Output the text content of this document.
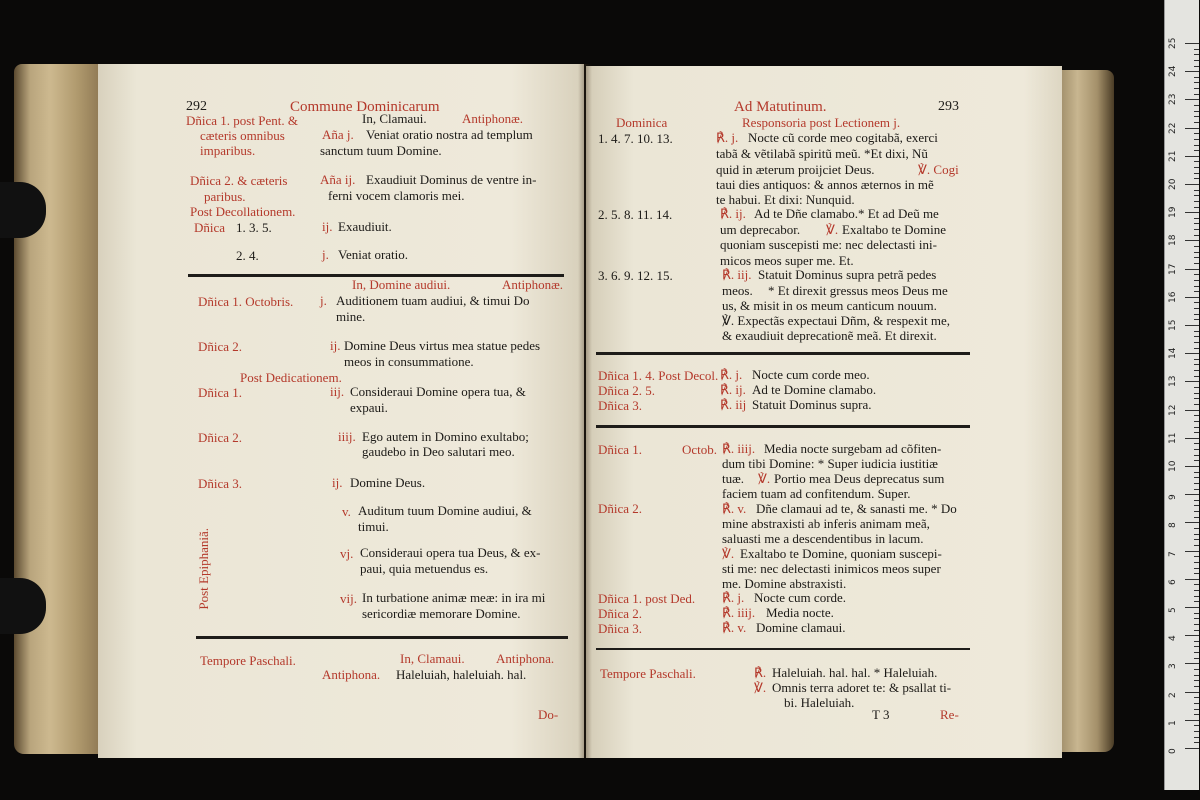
0
1
2
3
4
5
6
7
8
9
10
11
12
13
14
15
16
17
18
19
20
21
22
23
24
25
292	Commune Dominicarum	Ad Matutinum.	293
Post Epiphaniã.
Dñica 1. post Pent. &	In, Clamaui.	Antiphonæ.
cæteris omnibus	Aña j. Veniat oratio nostra ad templum
imparibus.	sanctum tuum Domine.
Dñica 2. & cæteris	Aña ij. Exaudiuit Dominus de ventre in-
paribus.	ferni vocem clamoris mei.
Post Decollationem.
Dñica 1. 3. 5.	ij. Exaudiuit.
2. 4.	j. Veniat oratio.
In, Domine audiui.	Antiphonæ.
Dñica 1. Octobris. j. Auditionem tuam audiui, & timui Do
mine.
Dñica 2.	ij. Domine Deus virtus mea statue pedes
meos in consummatione.
Post Dedicationem.
Dñica 1.	iij. Consideraui Domine opera tua, &
expaui.
Dñica 2.	iiij. Ego autem in Domino exultabo;
gaudebo in Deo salutari meo.
Dñica 3.	ij. Domine Deus.
v. Auditum tuum Domine audiui, &
timui.
vj. Consideraui opera tua Deus, & ex-
paui, quia metuendus es.
vij. In turbatione animæ meæ: in ira mi
sericordiæ memorare Domine.
Tempore Paschali.	In, Clamaui. Antiphona.
Antiphona. Haleluiah, haleluiah. hal.
Do-
Dominica	Responsoria post Lectionem j.
1. 4. 7. 10. 13.	℟. j. Nocte cũ corde meo cogitabã, exerci
tabã & vẽtilabã spiritũ meũ. *Et dixi, Nũ
quid in æterum proijciet Deus.	℣. Cogi
taui dies antiquos: & annos æternos in mẽ
te habui. Et dixi: Nunquid.
2. 5. 8. 11. 14.	℟. ij. Ad te Dñe clamabo.* Et ad Deũ me
um deprecabor. ℣. Exaltabo te Domine
quoniam suscepisti me: nec delectasti ini-
micos meos super me. Et.
3. 6. 9. 12. 15.	℟. iij. Statuit Dominus supra petrã pedes
meos. * Et direxit gressus meos Deus me
us, & misit in os meum canticum nouum.
℣. Expectãs expectaui Dñm, & respexit me,
& exaudiuit deprecationẽ meã. Et direxit.
Dñica 1. 4. Post Decol. ℟. j. Nocte cum corde meo.
Dñica 2. 5.	℟. ij. Ad te Domine clamabo.
Dñica 3.	℟. iij Statuit Dominus supra.
Dñica 1.	Octob. ℟. iiij. Media nocte surgebam ad cõfiten-
dum tibi Domine: * Super iudicia iustitiæ
tuæ. ℣. Portio mea Deus deprecatus sum
faciem tuam ad confitendum. Super.
Dñica 2.	℟. v. Dñe clamaui ad te, & sanasti me. * Do
mine abstraxisti ab inferis animam meã,
saluasti me a descendentibus in lacum.
℣. Exaltabo te Domine, quoniam suscepi-
sti me: nec delectasti inimicos meos super
me. Domine abstraxisti.
Dñica 1. post Ded. ℟. j. Nocte cum corde.
Dñica 2.	℟. iiij. Media nocte.
Dñica 3.	℟. v. Domine clamaui.
Tempore Paschali.	℟. Haleluiah. hal. hal. * Haleluiah.
℣. Omnis terra adoret te: & psallat ti-
bi. Haleluiah.
T 3	Re-
